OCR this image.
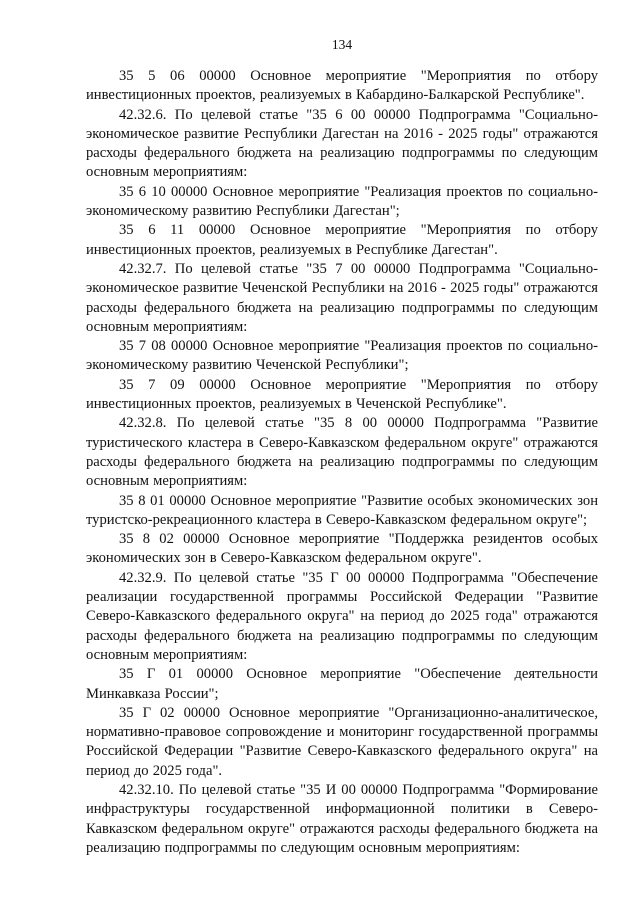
134

35 5 06 00000 Основное мероприятие "Мероприятия по отбору инвестиционных проектов, реализуемых в Кабардино-Балкарской Республике".

42.32.6. По целевой статье "35 6 00 00000 Подпрограмма "Социально-экономическое развитие Республики Дагестан на 2016 - 2025 годы" отражаются расходы федерального бюджета на реализацию подпрограммы по следующим основным мероприятиям:

35 6 10 00000 Основное мероприятие "Реализация проектов по социально-экономическому развитию Республики Дагестан";

35 6 11 00000 Основное мероприятие "Мероприятия по отбору инвестиционных проектов, реализуемых в Республике Дагестан".

42.32.7. По целевой статье "35 7 00 00000 Подпрограмма "Социально-экономическое развитие Чеченской Республики на 2016 - 2025 годы" отражаются расходы федерального бюджета на реализацию подпрограммы по следующим основным мероприятиям:

35 7 08 00000 Основное мероприятие "Реализация проектов по социально-экономическому развитию Чеченской Республики";

35 7 09 00000 Основное мероприятие "Мероприятия по отбору инвестиционных проектов, реализуемых в Чеченской Республике".

42.32.8. По целевой статье "35 8 00 00000 Подпрограмма "Развитие туристического кластера в Северо-Кавказском федеральном округе" отражаются расходы федерального бюджета на реализацию подпрограммы по следующим основным мероприятиям:

35 8 01 00000 Основное мероприятие "Развитие особых экономических зон туристско-рекреационного кластера в Северо-Кавказском федеральном округе";

35 8 02 00000 Основное мероприятие "Поддержка резидентов особых экономических зон в Северо-Кавказском федеральном округе".

42.32.9. По целевой статье "35 Г 00 00000 Подпрограмма "Обеспечение реализации государственной программы Российской Федерации "Развитие Северо-Кавказского федерального округа" на период до 2025 года" отражаются расходы федерального бюджета на реализацию подпрограммы по следующим основным мероприятиям:

35 Г 01 00000 Основное мероприятие "Обеспечение деятельности Минкавказа России";

35 Г 02 00000 Основное мероприятие "Организационно-аналитическое, нормативно-правовое сопровождение и мониторинг государственной программы Российской Федерации "Развитие Северо-Кавказского федерального округа" на период до 2025 года".

42.32.10. По целевой статье "35 И 00 00000 Подпрограмма "Формирование инфраструктуры государственной информационной политики в Северо-Кавказском федеральном округе" отражаются расходы федерального бюджета на реализацию подпрограммы по следующим основным мероприятиям:
